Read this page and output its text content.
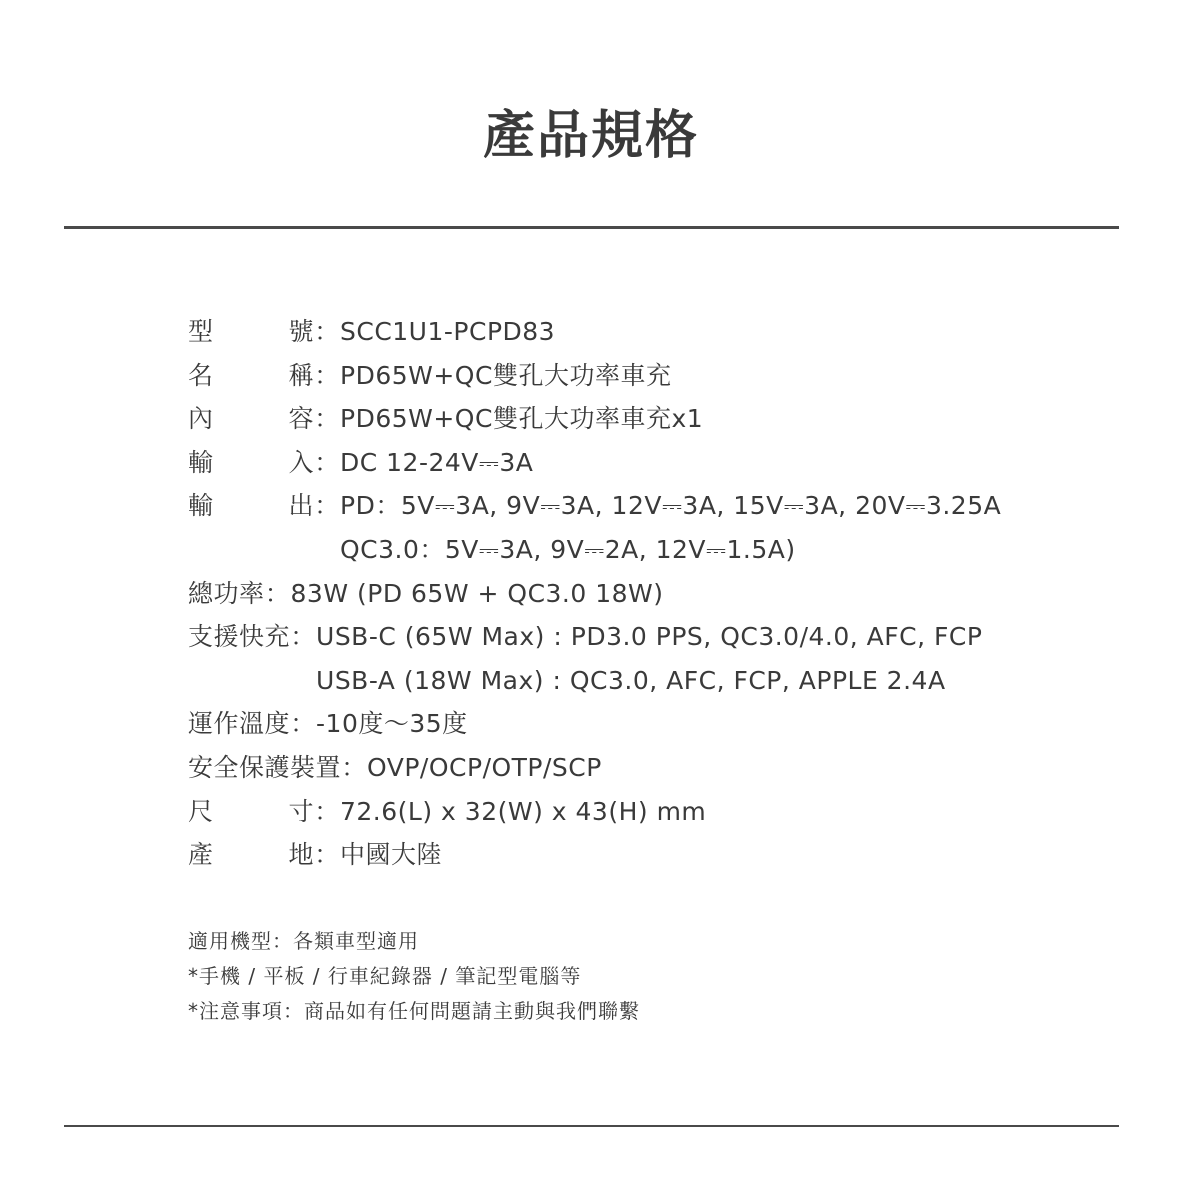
產品規格
型	號 ： SCC1U1-PCPD83
名	稱 ： PD65W+QC雙孔大功率車充
內	容 ： PD65W+QC雙孔大功率車充x1
輸	入 ： DC 12-24V⎓3A
輸	出 ： PD：5V⎓3A, 9V⎓3A, 12V⎓3A, 15V⎓3A, 20V⎓3.25A
QC3.0：5V⎓3A, 9V⎓2A, 12V⎓1.5A)
總功率 ： 83W (PD 65W + QC3.0 18W)
支援快充 ： USB-C (65W Max) : PD3.0 PPS, QC3.0/4.0, AFC, FCP
USB-A (18W Max) : QC3.0, AFC, FCP, APPLE 2.4A
運作溫度 ： -10度～35度
安全保護裝置 ： OVP/OCP/OTP/SCP
尺	寸 ： 72.6(L) x 32(W) x 43(H) mm
產	地 ： 中國大陸
適用機型：各類車型適用
*手機 / 平板 / 行車紀錄器 / 筆記型電腦等
*注意事項：商品如有任何問題請主動與我們聯繫
